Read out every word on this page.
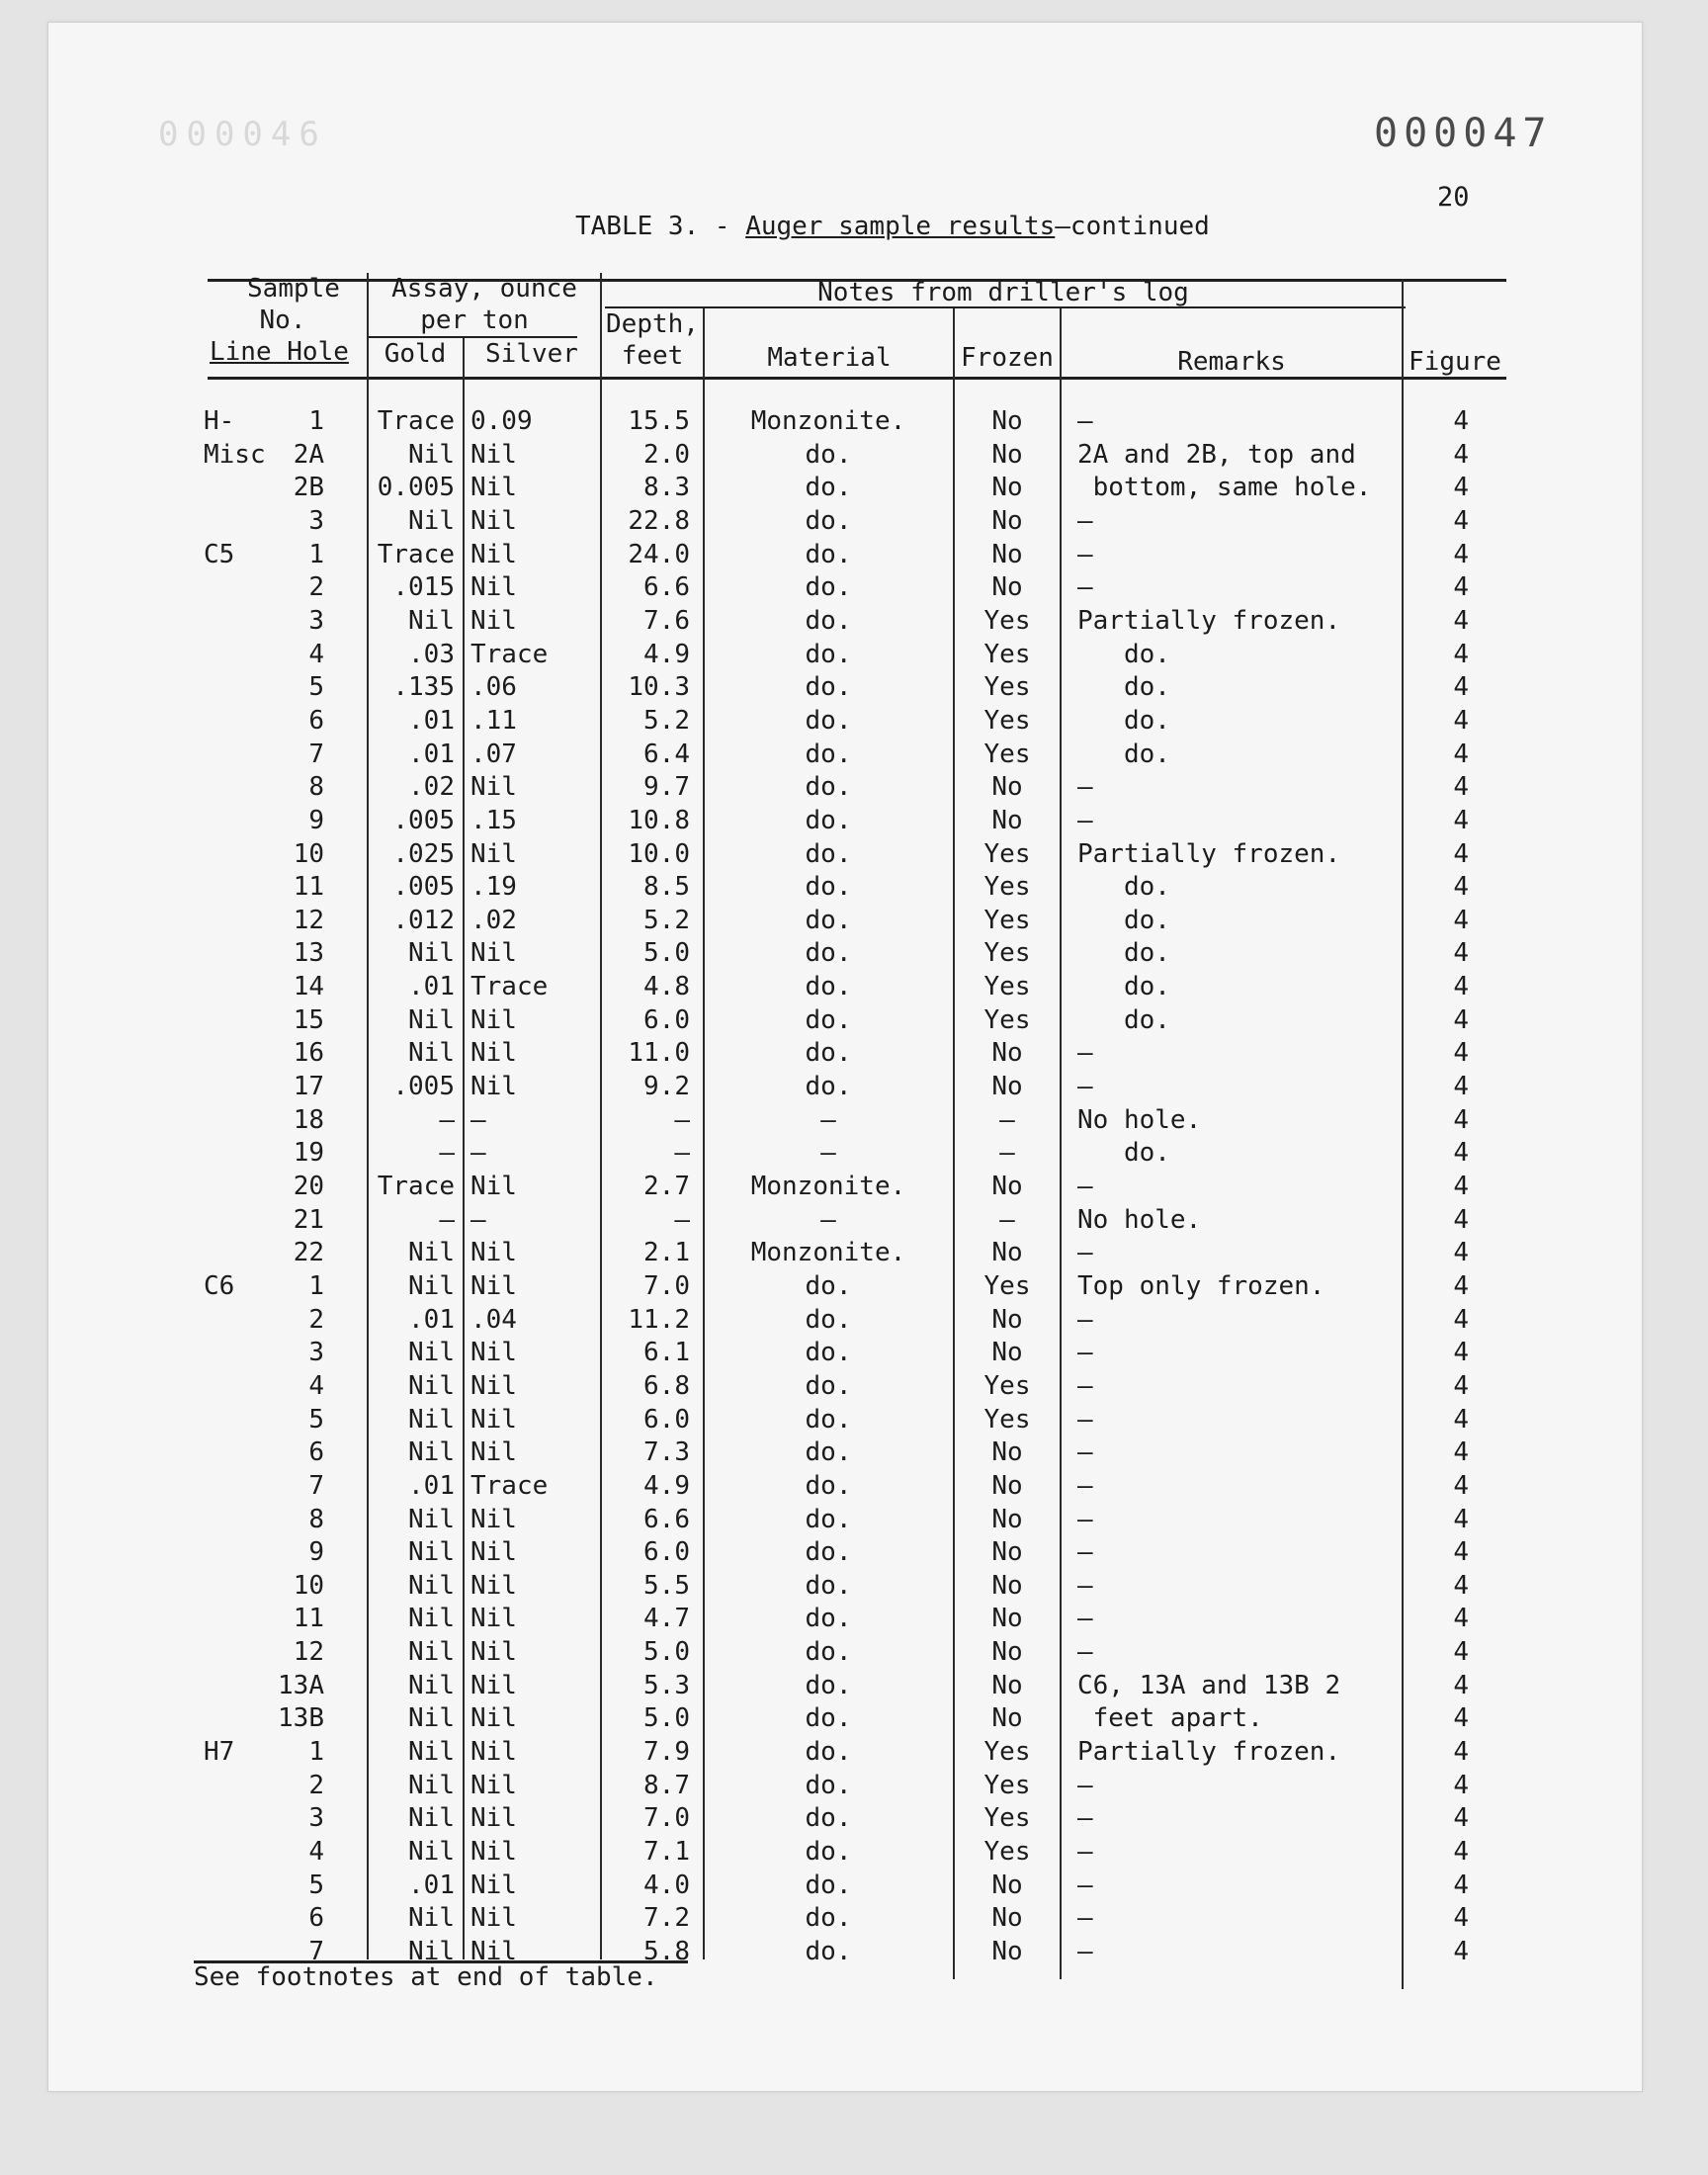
000046	000047
20
TABLE 3. - Auger sample results—continued
Sample
No.
Line Hole
Assay, ounce
per ton
Gold	Silver
Notes from driller's log
Depth,
feet	Material	Frozen	Remarks	Figure
H-	1 Trace 0.09	15.5	Monzonite.	No	–	4
Misc	2A	Nil Nil	2.0	do.	No	2A and 2B, top and	4
2B 0.005 Nil	8.3	do.	No	bottom, same hole.	4
3	Nil Nil	22.8	do.	No	–	4
C5	1 Trace Nil	24.0	do.	No	–	4
2	.015 Nil	6.6	do.	No	–	4
3	Nil Nil	7.6	do.	Yes	Partially frozen.	4
4	.03 Trace	4.9	do.	Yes	do.	4
5	.135 .06	10.3	do.	Yes	do.	4
6	.01 .11	5.2	do.	Yes	do.	4
7	.01 .07	6.4	do.	Yes	do.	4
8	.02 Nil	9.7	do.	No	–	4
9	.005 .15	10.8	do.	No	–	4
10	.025 Nil	10.0	do.	Yes	Partially frozen.	4
11	.005 .19	8.5	do.	Yes	do.	4
12	.012 .02	5.2	do.	Yes	do.	4
13	Nil Nil	5.0	do.	Yes	do.	4
14	.01 Trace	4.8	do.	Yes	do.	4
15	Nil Nil	6.0	do.	Yes	do.	4
16	Nil Nil	11.0	do.	No	–	4
17	.005 Nil	9.2	do.	No	–	4
18	– –	–	–	–	No hole.	4
19	– –	–	–	–	do.	4
20 Trace Nil	2.7	Monzonite.	No	–	4
21	– –	–	–	–	No hole.	4
22	Nil Nil	2.1	Monzonite.	No	–	4
C6	1	Nil Nil	7.0	do.	Yes	Top only frozen.	4
2	.01 .04	11.2	do.	No	–	4
3	Nil Nil	6.1	do.	No	–	4
4	Nil Nil	6.8	do.	Yes	–	4
5	Nil Nil	6.0	do.	Yes	–	4
6	Nil Nil	7.3	do.	No	–	4
7	.01 Trace	4.9	do.	No	–	4
8	Nil Nil	6.6	do.	No	–	4
9	Nil Nil	6.0	do.	No	–	4
10	Nil Nil	5.5	do.	No	–	4
11	Nil Nil	4.7	do.	No	–	4
12	Nil Nil	5.0	do.	No	–	4
13A	Nil Nil	5.3	do.	No	C6, 13A and 13B 2	4
13B	Nil Nil	5.0	do.	No	feet apart.	4
H7	1	Nil Nil	7.9	do.	Yes	Partially frozen.	4
2	Nil Nil	8.7	do.	Yes	–	4
3	Nil Nil	7.0	do.	Yes	–	4
4	Nil Nil	7.1	do.	Yes	–	4
5	.01 Nil	4.0	do.	No	–	4
6	Nil Nil	7.2	do.	No	–	4
7	Nil Nil	5.8	do.	No	–	4
See footnotes at end of table.
